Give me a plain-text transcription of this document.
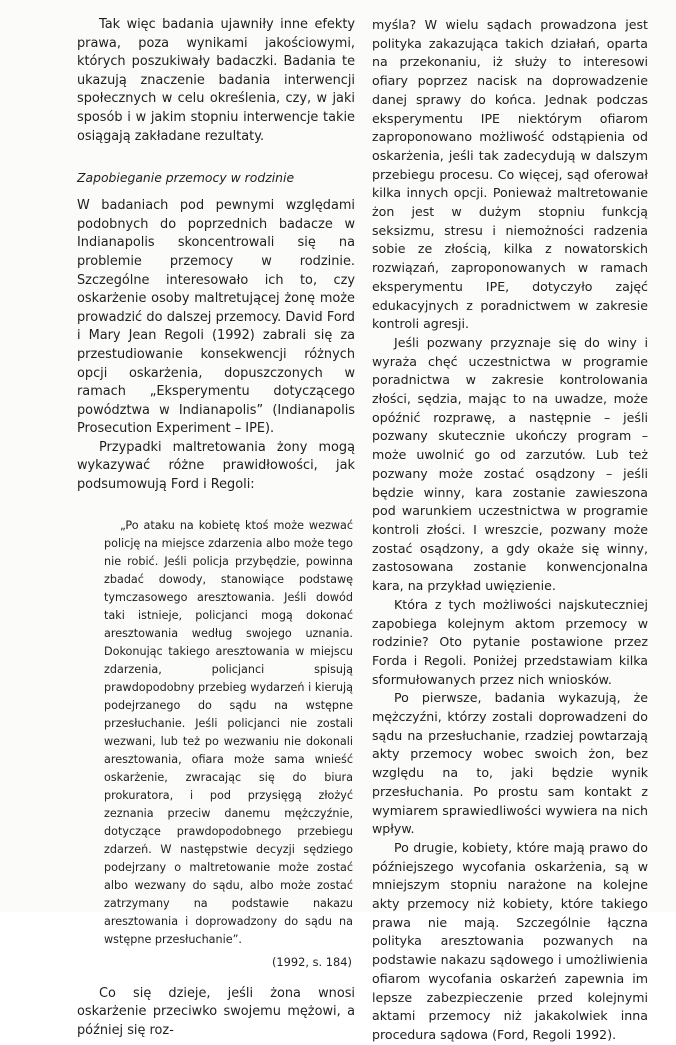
Tak więc badania ujawniły inne efekty prawa, poza wynikami jakościowymi, których poszukiwały badaczki. Badania te ukazują znaczenie badania interwencji społecznych w celu określenia, czy, w jaki sposób i w jakim stopniu interwencje takie osiągają zakładane rezultaty.

Zapobieganie przemocy w rodzinie

W badaniach pod pewnymi względami podobnych do poprzednich badacze w Indianapolis skoncentrowali się na problemie przemocy w rodzinie. Szczególne interesowało ich to, czy oskarżenie osoby maltretującej żonę może prowadzić do dalszej przemocy. David Ford i Mary Jean Regoli (1992) zabrali się za przestudiowanie konsekwencji różnych opcji oskarżenia, dopuszczonych w ramach „Eksperymentu dotyczącego powództwa w Indianapolis” (Indianapolis Prosecution Experiment – IPE).

Przypadki maltretowania żony mogą wykazywać różne prawidłowości, jak podsumowują Ford i Regoli:

„Po ataku na kobietę ktoś może wezwać policję na miejsce zdarzenia albo może tego nie robić. Jeśli policja przybędzie, powinna zbadać dowody, stanowiące podstawę tymczasowego aresztowania. Jeśli dowód taki istnieje, policjanci mogą dokonać aresztowania według swojego uznania. Dokonując takiego aresztowania w miejscu zdarzenia, policjanci spisują prawdopodobny przebieg wydarzeń i kierują podejrzanego do sądu na wstępne przesłuchanie. Jeśli policjanci nie zostali wezwani, lub też po wezwaniu nie dokonali aresztowania, ofiara może sama wnieść oskarżenie, zwracając się do biura prokuratora, i pod przysięgą złożyć zeznania przeciw danemu mężczyźnie, dotyczące prawdopodobnego przebiegu zdarzeń. W następstwie decyzji sędziego podejrzany o maltretowanie może zostać albo wezwany do sądu, albo może zostać zatrzymany na podstawie nakazu aresztowania i doprowadzony do sądu na wstępne przesłuchanie”.

(1992, s. 184)

Co się dzieje, jeśli żona wnosi oskarżenie przeciwko swojemu mężowi, a później się roz-

myśla? W wielu sądach prowadzona jest polityka zakazująca takich działań, oparta na przekonaniu, iż służy to interesowi ofiary poprzez nacisk na doprowadzenie danej sprawy do końca. Jednak podczas eksperymentu IPE niektórym ofiarom zaproponowano możliwość odstąpienia od oskarżenia, jeśli tak zadecydują w dalszym przebiegu procesu. Co więcej, sąd oferował kilka innych opcji. Ponieważ maltretowanie żon jest w dużym stopniu funkcją seksizmu, stresu i niemożności radzenia sobie ze złością, kilka z nowatorskich rozwiązań, zaproponowanych w ramach eksperymentu IPE, dotyczyło zajęć edukacyjnych z poradnictwem w zakresie kontroli agresji.

Jeśli pozwany przyznaje się do winy i wyraża chęć uczestnictwa w programie poradnictwa w zakresie kontrolowania złości, sędzia, mając to na uwadze, może opóźnić rozprawę, a następnie – jeśli pozwany skutecznie ukończy program – może uwolnić go od zarzutów. Lub też pozwany może zostać osądzony – jeśli będzie winny, kara zostanie zawieszona pod warunkiem uczestnictwa w programie kontroli złości. I wreszcie, pozwany może zostać osądzony, a gdy okaże się winny, zastosowana zostanie konwencjonalna kara, na przykład uwięzienie.

Która z tych możliwości najskuteczniej zapobiega kolejnym aktom przemocy w rodzinie? Oto pytanie postawione przez Forda i Regoli. Poniżej przedstawiam kilka sformułowanych przez nich wniosków.

Po pierwsze, badania wykazują, że mężczyźni, którzy zostali doprowadzeni do sądu na przesłuchanie, rzadziej powtarzają akty przemocy wobec swoich żon, bez względu na to, jaki będzie wynik przesłuchania. Po prostu sam kontakt z wymiarem sprawiedliwości wywiera na nich wpływ.

Po drugie, kobiety, które mają prawo do późniejszego wycofania oskarżenia, są w mniejszym stopniu narażone na kolejne akty przemocy niż kobiety, które takiego prawa nie mają. Szczególnie łączna polityka aresztowania pozwanych na podstawie nakazu sądowego i umożliwienia ofiarom wycofania oskarżeń zapewnia im lepsze zabezpieczenie przed kolejnymi aktami przemocy niż jakakolwiek inna procedura sądowa (Ford, Regoli 1992).
